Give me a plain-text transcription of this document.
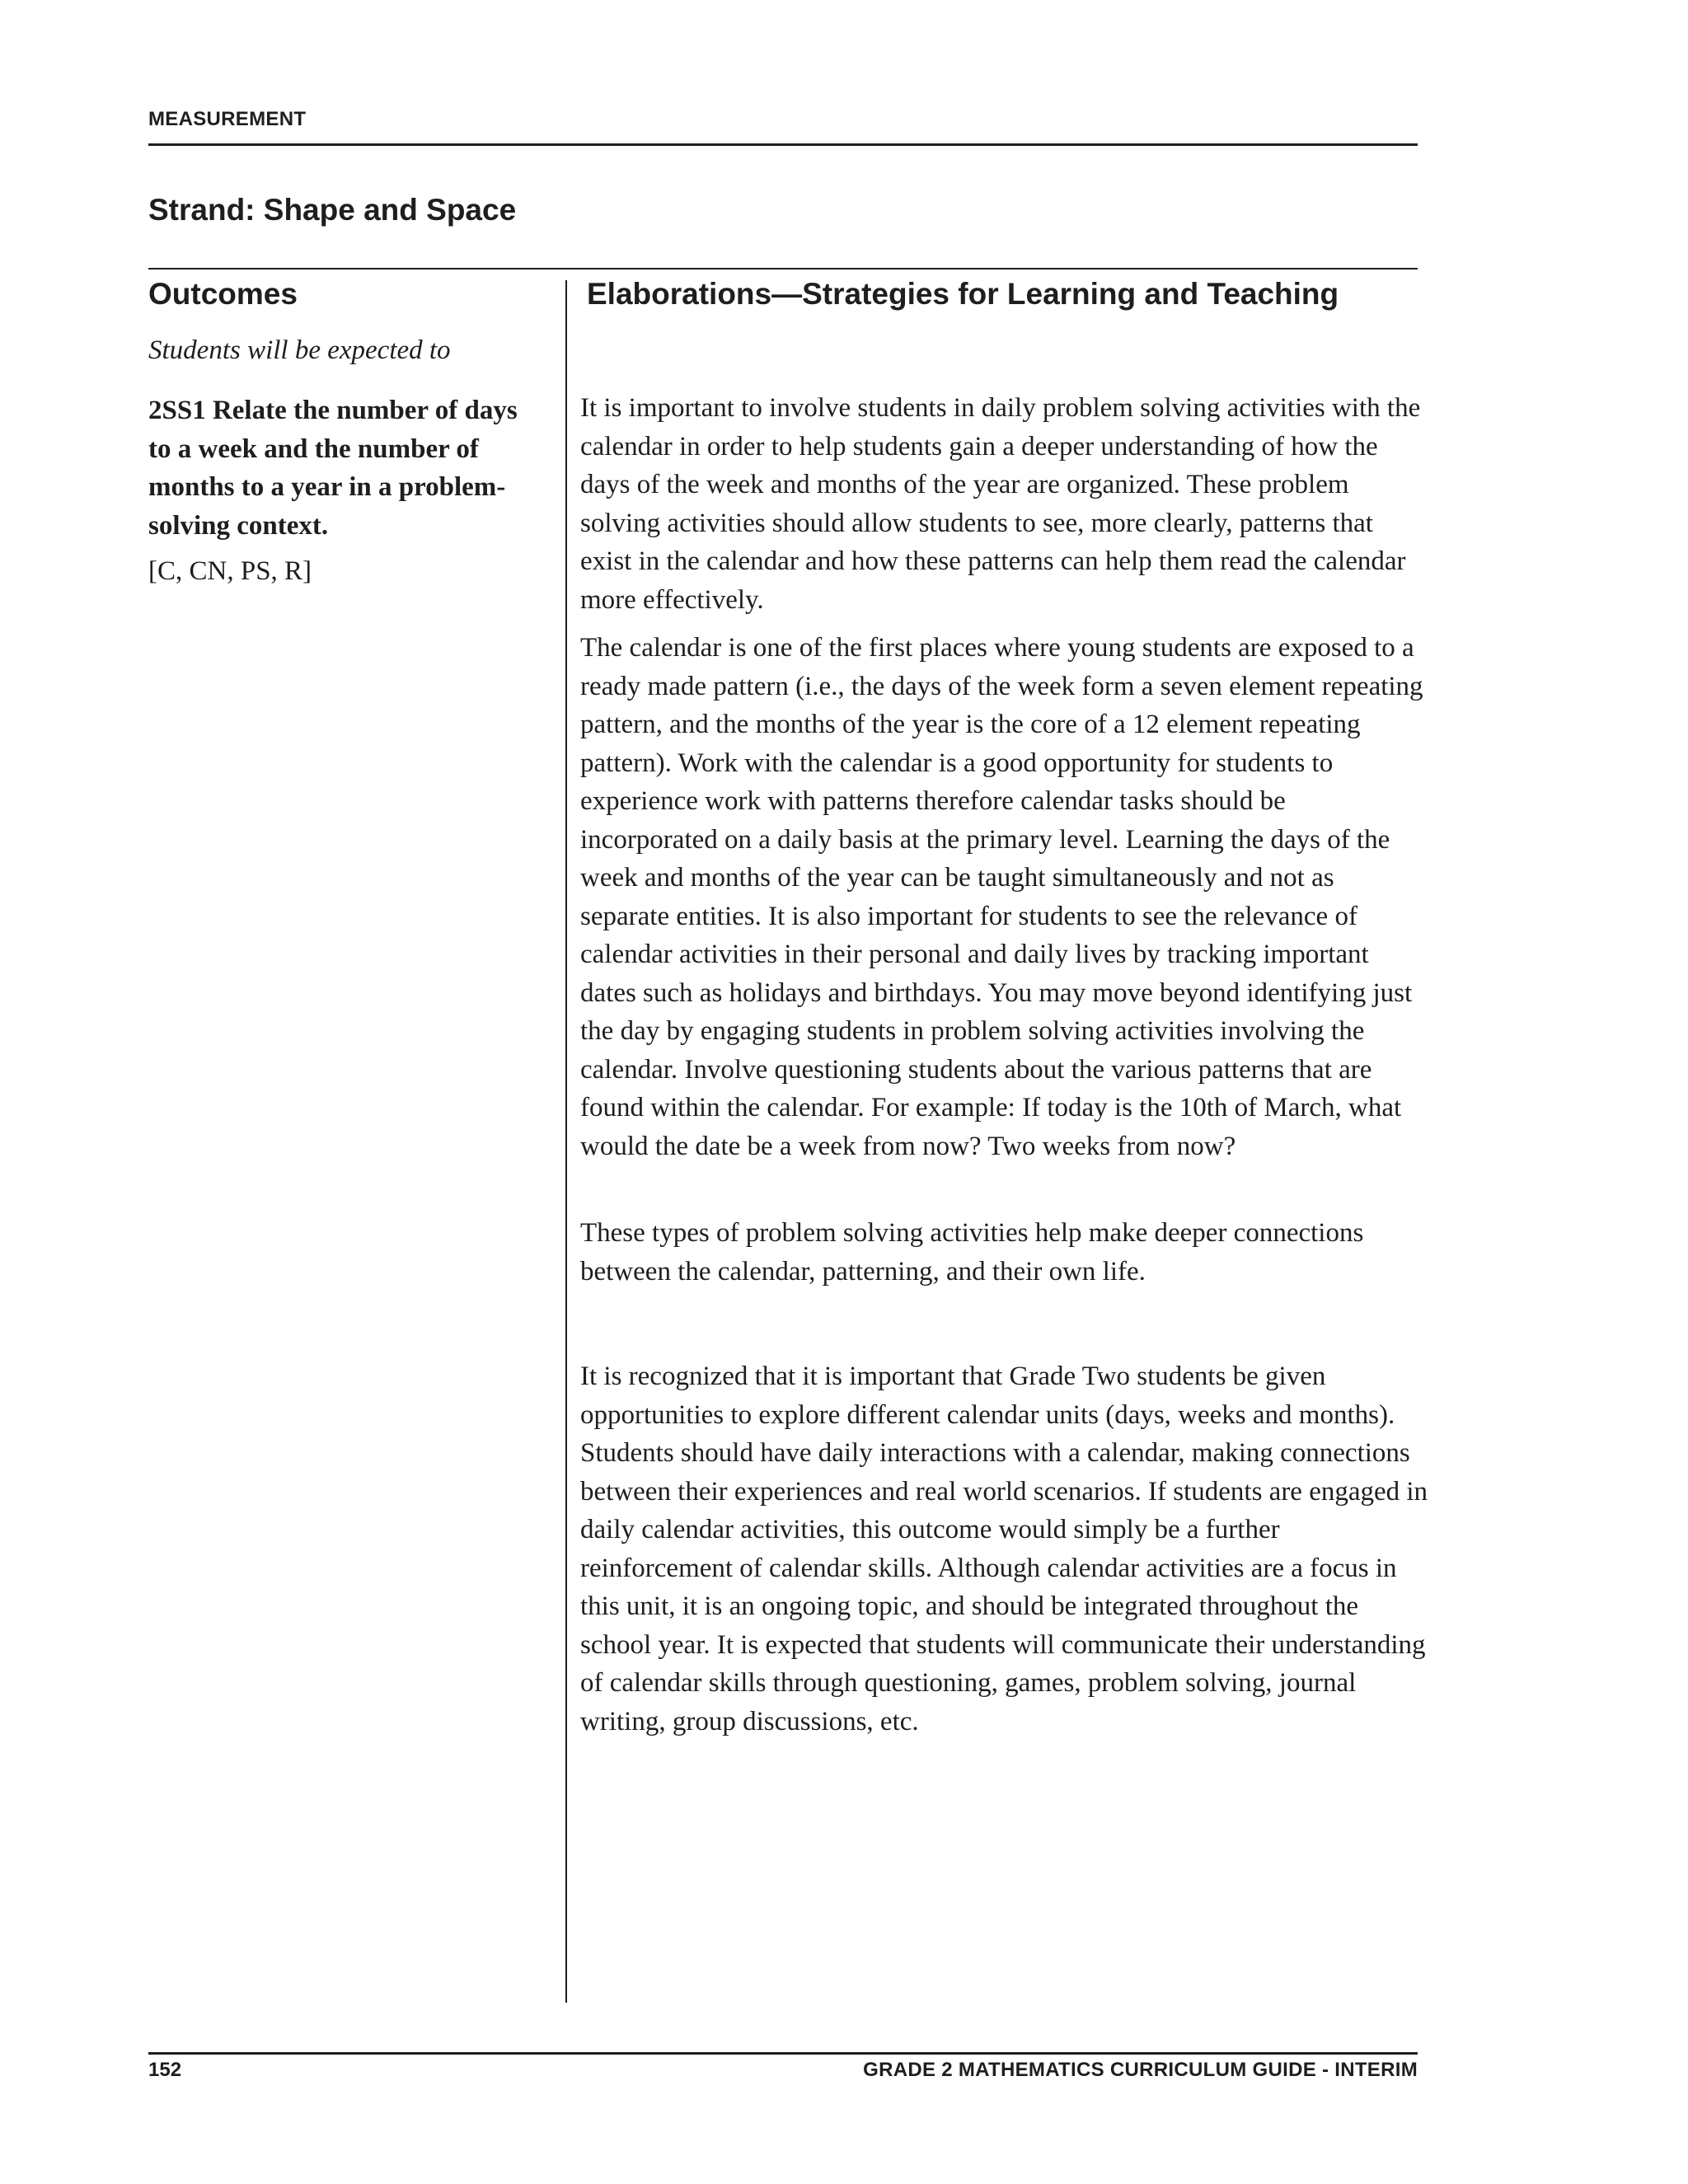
MEASUREMENT
Strand: Shape and Space
Outcomes
Students will be expected to
2SS1 Relate the number of days to a week and the number of months to a year in a problem-solving context.
[C, CN, PS, R]
Elaborations—Strategies for Learning and Teaching
It is important to involve students in daily problem solving activities with the calendar in order to help students gain a deeper understanding of how the days of the week and months of the year are organized. These problem solving activities should allow students to see, more clearly, patterns that exist in the calendar and how these patterns can help them read the calendar more effectively.
The calendar is one of the first places where young students are exposed to a ready made pattern (i.e., the days of the week form a seven element repeating pattern, and the months of the year is the core of a 12 element repeating pattern). Work with the calendar is a good opportunity for students to experience work with patterns therefore calendar tasks should be incorporated on a daily basis at the primary level. Learning the days of the week and months of the year can be taught simultaneously and not as separate entities. It is also important for students to see the relevance of calendar activities in their personal and daily lives by tracking important dates such as holidays and birthdays. You may move beyond identifying just the day by engaging students in problem solving activities involving the calendar. Involve questioning students about the various patterns that are found within the calendar. For example: If today is the 10th of March, what would the date be a week from now? Two weeks from now?
These types of problem solving activities help make deeper connections between the calendar, patterning, and their own life.
It is recognized that it is important that Grade Two students be given opportunities to explore different calendar units (days, weeks and months). Students should have daily interactions with a calendar, making connections between their experiences and real world scenarios. If students are engaged in daily calendar activities, this outcome would simply be a further reinforcement of calendar skills. Although calendar activities are a focus in this unit, it is an ongoing topic, and should be integrated throughout the school year. It is expected that students will communicate their understanding of calendar skills through questioning, games, problem solving, journal writing, group discussions, etc.
152	GRADE 2 MATHEMATICS CURRICULUM GUIDE - INTERIM
